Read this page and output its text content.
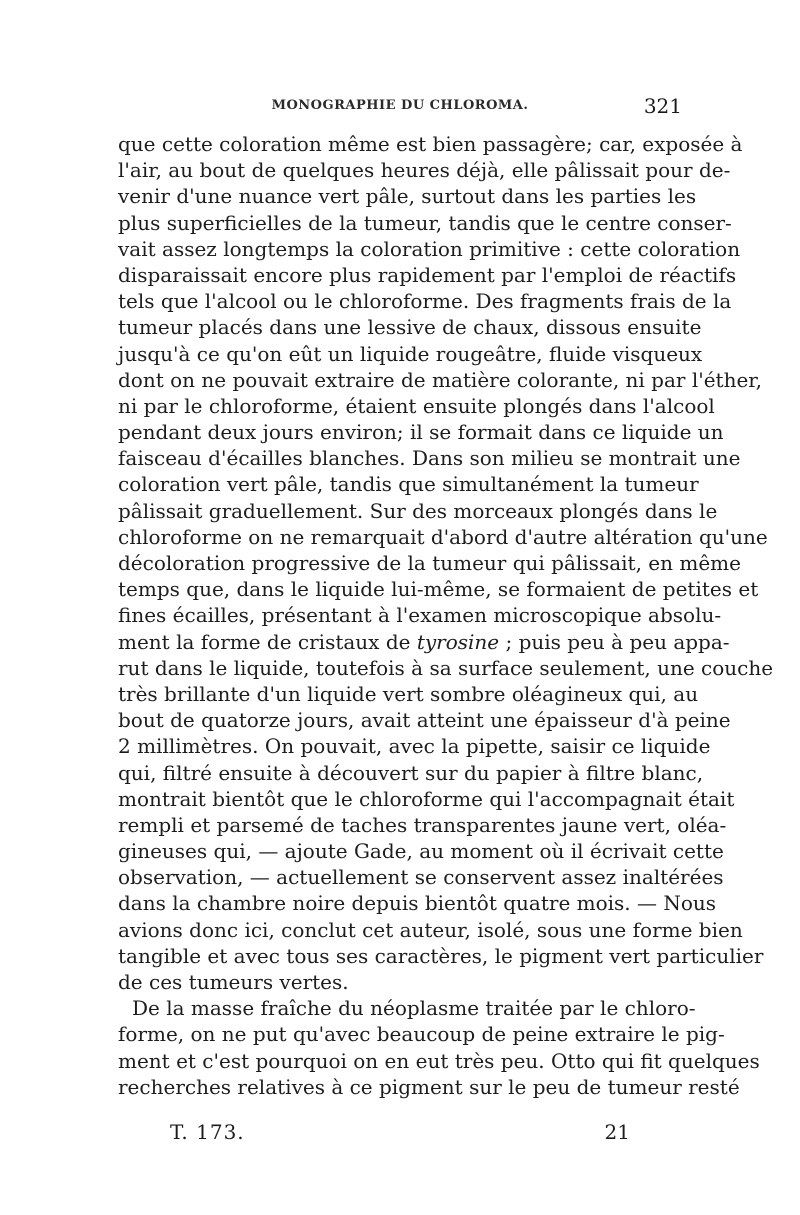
MONOGRAPHIE DU CHLOROMA.	321
que cette coloration même est bien passagère; car, exposée à
l'air, au bout de quelques heures déjà, elle pâlissait pour de-
venir d'une nuance vert pâle, surtout dans les parties les
plus superficielles de la tumeur, tandis que le centre conser-
vait assez longtemps la coloration primitive : cette coloration
disparaissait encore plus rapidement par l'emploi de réactifs
tels que l'alcool ou le chloroforme. Des fragments frais de la
tumeur placés dans une lessive de chaux, dissous ensuite
jusqu'à ce qu'on eût un liquide rougeâtre, fluide visqueux
dont on ne pouvait extraire de matière colorante, ni par l'éther,
ni par le chloroforme, étaient ensuite plongés dans l'alcool
pendant deux jours environ; il se formait dans ce liquide un
faisceau d'écailles blanches. Dans son milieu se montrait une
coloration vert pâle, tandis que simultanément la tumeur
pâlissait graduellement. Sur des morceaux plongés dans le
chloroforme on ne remarquait d'abord d'autre altération qu'une
décoloration progressive de la tumeur qui pâlissait, en même
temps que, dans le liquide lui-même, se formaient de petites et
fines écailles, présentant à l'examen microscopique absolu-
ment la forme de cristaux de tyrosine ; puis peu à peu appa-
rut dans le liquide, toutefois à sa surface seulement, une couche
très brillante d'un liquide vert sombre oléagineux qui, au
bout de quatorze jours, avait atteint une épaisseur d'à peine
2 millimètres. On pouvait, avec la pipette, saisir ce liquide
qui, filtré ensuite à découvert sur du papier à filtre blanc,
montrait bientôt que le chloroforme qui l'accompagnait était
rempli et parsemé de taches transparentes jaune vert, oléa-
gineuses qui, — ajoute Gade, au moment où il écrivait cette
observation, — actuellement se conservent assez inaltérées
dans la chambre noire depuis bientôt quatre mois. — Nous
avions donc ici, conclut cet auteur, isolé, sous une forme bien
tangible et avec tous ses caractères, le pigment vert particulier
de ces tumeurs vertes.
De la masse fraîche du néoplasme traitée par le chloro-
forme, on ne put qu'avec beaucoup de peine extraire le pig-
ment et c'est pourquoi on en eut très peu. Otto qui fit quelques
recherches relatives à ce pigment sur le peu de tumeur resté
T. 173.	21
